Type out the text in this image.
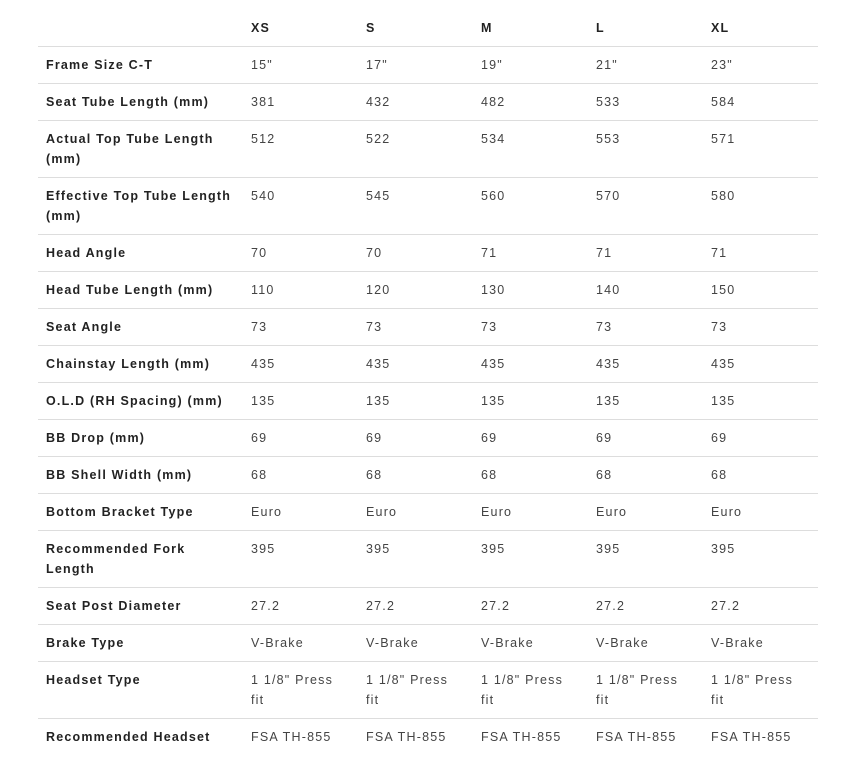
	XS	S	M	L	XL
Frame Size C-T	15"	17"	19"	21"	23"
Seat Tube Length (mm)	381	432	482	533	584
Actual Top Tube Length (mm)	512	522	534	553	571
Effective Top Tube Length (mm)	540	545	560	570	580
Head Angle	70	70	71	71	71
Head Tube Length (mm)	110	120	130	140	150
Seat Angle	73	73	73	73	73
Chainstay Length (mm)	435	435	435	435	435
O.L.D (RH Spacing) (mm)	135	135	135	135	135
BB Drop (mm)	69	69	69	69	69
BB Shell Width (mm)	68	68	68	68	68
Bottom Bracket Type	Euro	Euro	Euro	Euro	Euro
Recommended Fork Length	395	395	395	395	395
Seat Post Diameter	27.2	27.2	27.2	27.2	27.2
Brake Type	V-Brake	V-Brake	V-Brake	V-Brake	V-Brake
Headset Type	1 1/8" Press fit	1 1/8" Press fit	1 1/8" Press fit	1 1/8" Press fit	1 1/8" Press fit
Recommended Headset	FSA TH-855	FSA TH-855	FSA TH-855	FSA TH-855	FSA TH-855
